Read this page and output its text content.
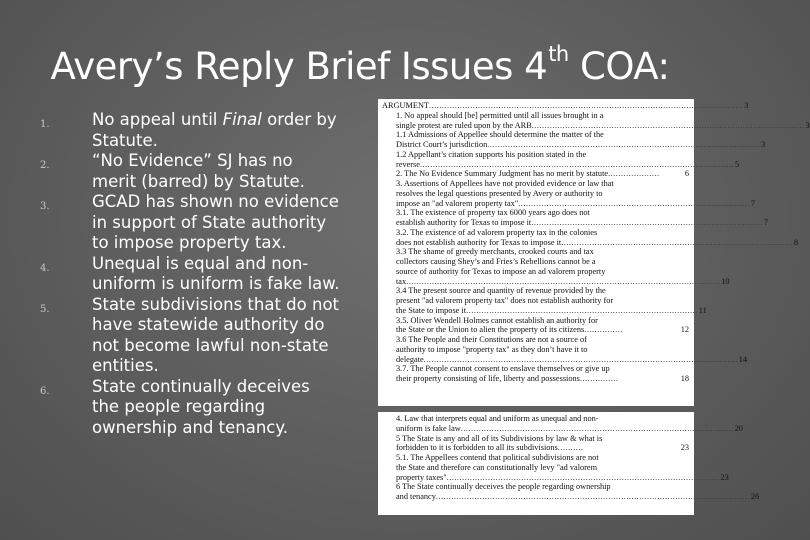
Avery’s Reply Brief Issues 4th COA:
1.	No appeal until Final order by Statute.
2.	“No Evidence” SJ has no merit (barred) by Statute.
3.	GCAD has shown no evidence in support of State authority to impose property tax.
4.	Unequal is equal and non-uniform is uniform is fake law.
5.	State subdivisions that do not have statewide authority do not become lawful non-state entities.
6.	State continually deceives the people regarding ownership and tenancy.
ARGUMENT .......................................................................................................................... 3
1. No appeal should [be] permitted until all issues brought in a
single protest are ruled upon by the ARB .......................................................................................................... 3
1.1 Admissions of Appellee should determine the matter of the
District Court’s jurisdiction .......................................................................................................... 3
1.2 Appellant’s citation supports his position stated in the
reverse .......................................................................................................................... 5
2. The No Evidence Summary Judgment has no merit by statute ....................	6
3. Assertions of Appellees have not provided evidence or law that
resolves the legal questions presented by Avery or authority to
impose an "ad valorem property tax" .......................................................................................... 7
3.1. The existence of property tax 6000 years ago does not
establish authority for Texas to impose it .......................................................................................... 7
3.2. The existence of ad valorem property tax in the colonies
does not establish authority for Texas to impose it .......................................................................................... 8
3.3 The shame of greedy merchants, crooked courts and tax
collectors causing Shey’s and Fries’s Rebellions cannot be a
source of authority for Texas to impose an ad valorem property
tax .......................................................................................................................... 10
3.4 The present source and quantity of revenue provided by the
present "ad valorem property tax" does not establish authority for
the State to impose it .......................................................................................... 11
3.5. Oliver Wendell Holmes cannot establish an authority for
the State or the Union to alien the property of its citizens ...............	12
3.6 The People and their Constitutions are not a source of
authority to impose "property tax" as they don’t have it to
delegate .......................................................................................................................... 14
3.7. The People cannot consent to enslave themselves or give up
their property consisting of life, liberty and possessions ...............	18
4. Law that interprets equal and uniform as unequal and non-
uniform is fake law .......................................................................................................... 20
5 The State is any and all of its Subdivisions by law & what is
forbidden to it is forbidden to all its subdivisions ..........	23
5.1. The Appellees contend that political subdivisions are not
the State and therefore can constitutionally levy "ad valorem
property taxes" .......................................................................................................... 23
6 The State continually deceives the people regarding ownership
and tenancy .......................................................................................................................... 26
